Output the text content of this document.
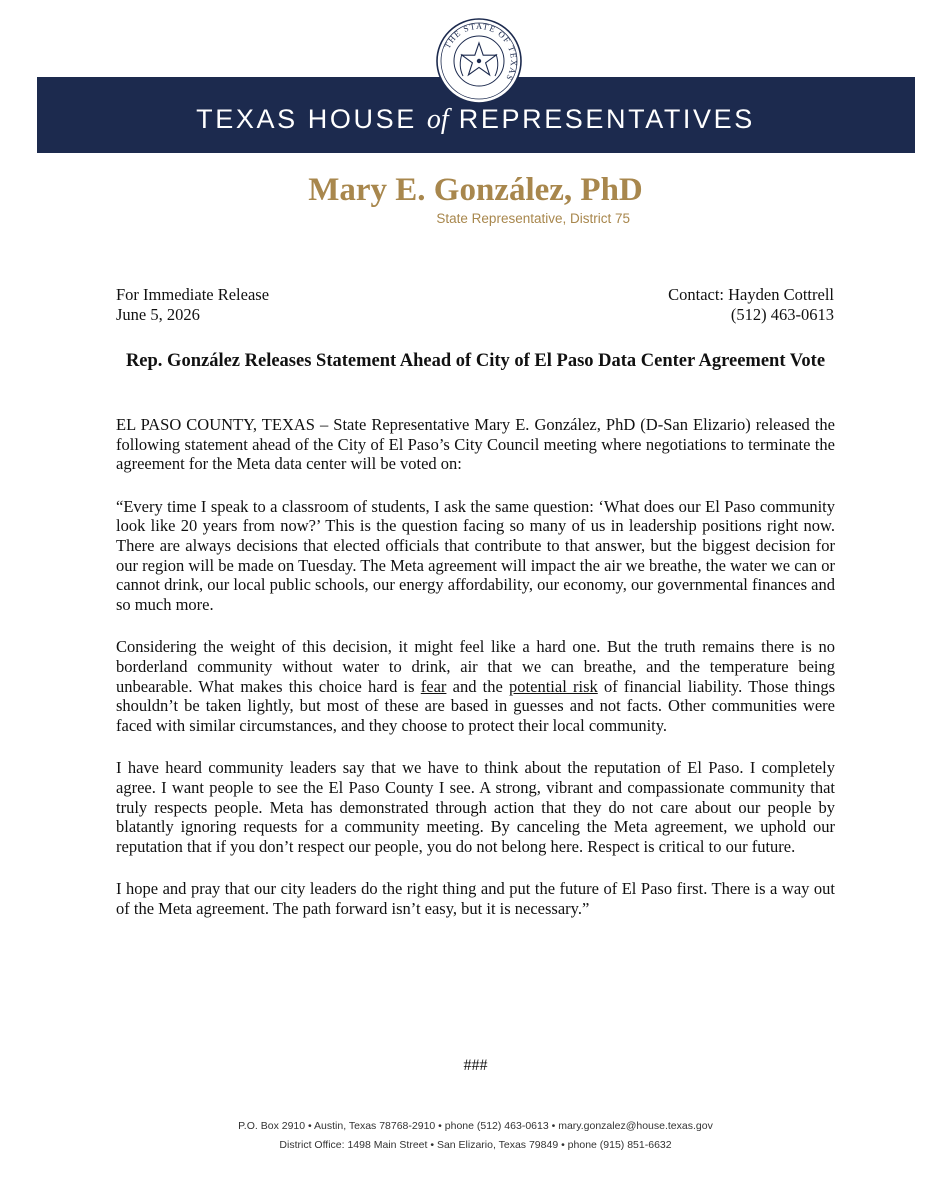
THE STATE OF TEXAS
TEXAS HOUSE of REPRESENTATIVES
Mary E. González, PhD
State Representative, District 75
For Immediate Release
June 5, 2026
Contact: Hayden Cottrell
(512) 463-0613
Rep. González Releases Statement Ahead of City of El Paso Data Center Agreement Vote

EL PASO COUNTY, TEXAS – State Representative Mary E. González, PhD (D-San Elizario) released the following statement ahead of the City of El Paso’s City Council meeting where negotiations to terminate the agreement for the Meta data center will be voted on:

“Every time I speak to a classroom of students, I ask the same question: ‘What does our El Paso community look like 20 years from now?’ This is the question facing so many of us in leadership positions right now. There are always decisions that elected officials that contribute to that answer, but the biggest decision for our region will be made on Tuesday. The Meta agreement will impact the air we breathe, the water we can or cannot drink, our local public schools, our energy affordability, our economy, our governmental finances and so much more.

Considering the weight of this decision, it might feel like a hard one. But the truth remains there is no borderland community without water to drink, air that we can breathe, and the temperature being unbearable. What makes this choice hard is fear and the potential risk of financial liability. Those things shouldn’t be taken lightly, but most of these are based in guesses and not facts. Other communities were faced with similar circumstances, and they choose to protect their local community.

I have heard community leaders say that we have to think about the reputation of El Paso. I completely agree. I want people to see the El Paso County I see. A strong, vibrant and compassionate community that truly respects people. Meta has demonstrated through action that they do not care about our people by blatantly ignoring requests for a community meeting. By canceling the Meta agreement, we uphold our reputation that if you don’t respect our people, you do not belong here. Respect is critical to our future.

I hope and pray that our city leaders do the right thing and put the future of El Paso first. There is a way out of the Meta agreement. The path forward isn’t easy, but it is necessary.”

###
P.O. Box 2910 • Austin, Texas 78768-2910 • phone (512) 463-0613 • mary.gonzalez@house.texas.gov
District Office: 1498 Main Street • San Elizario, Texas 79849 • phone (915) 851-6632
